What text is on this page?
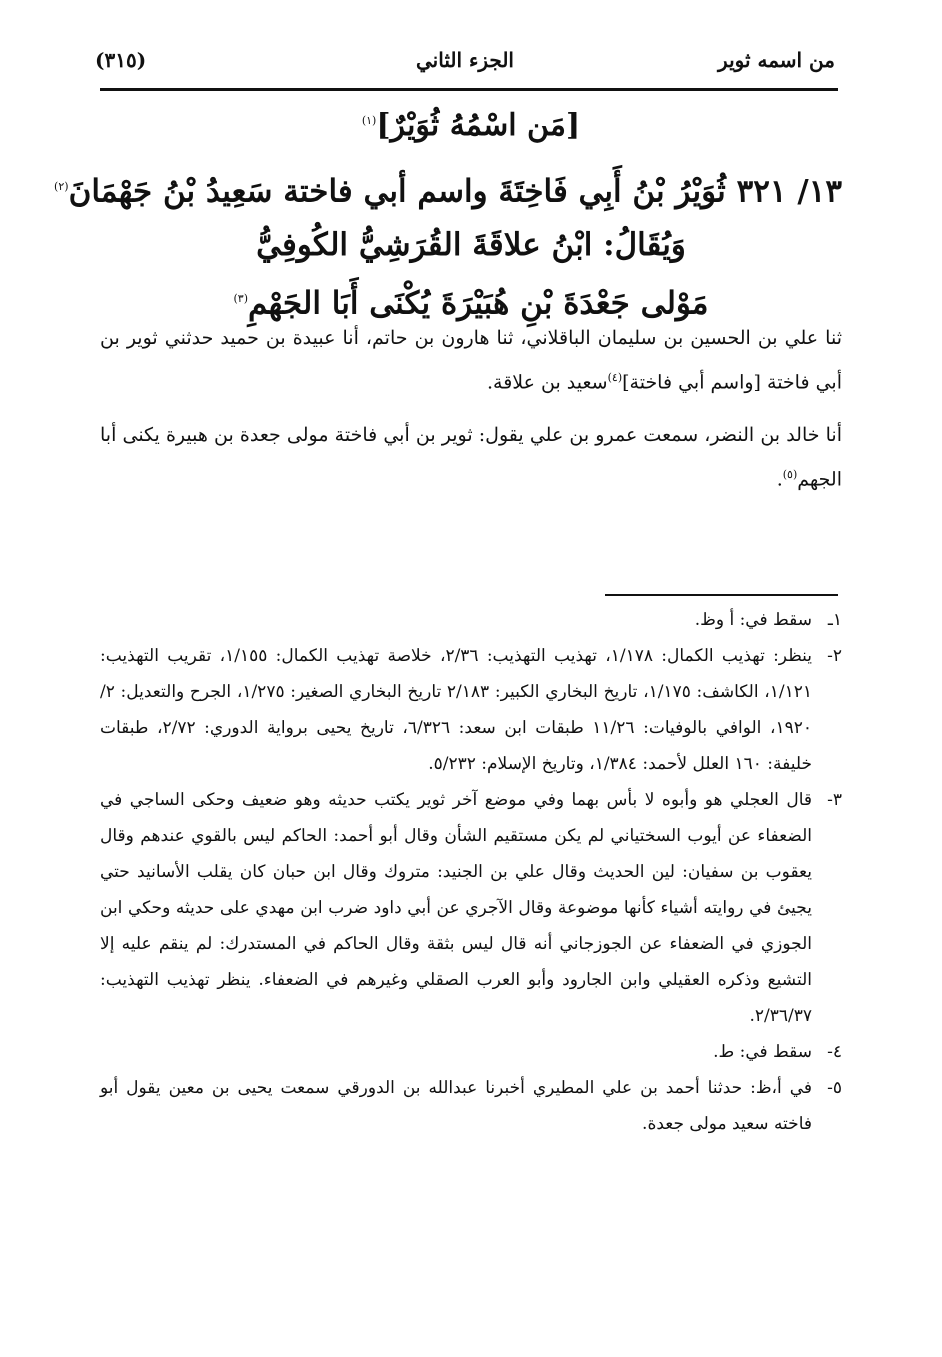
من اسمه ثوير
الجزء الثاني
(٣١٥)
[مَن اسْمُهُ ثُوَيْرٌ]$^{(١)}$
١٣/ ٣٢١ ثُوَيْرُ بْنُ أَبِي فَاخِتَةَ واسم أبي فاختة سَعِيدُ بْنُ جَهْمَانَ$^{(٢)}$
وَيُقَالُ: ابْنُ علاقَةَ القُرَشِيُّ الكُوفِيُّ
مَوْلى جَعْدَةَ بْنِ هُبَيْرَةَ يُكْنَى أَبَا الجَهْمِ$^{(٣)}$
ثنا علي بن الحسين بن سليمان الباقلاني، ثنا هارون بن حاتم، أنا عبيدة بن حميد حدثني ثوير بن أبي فاختة [واسم أبي فاختة]$^{(٤)}$سعيد بن علاقة.
أنا خالد بن النضر، سمعت عمرو بن علي يقول: ثوير بن أبي فاختة مولى جعدة بن هبيرة يكنى أبا الجهم$^{(٥)}$.
١ـ
سقط في: أ وظ.
٢-
ينظر: تهذيب الكمال: ١/١٧٨، تهذيب التهذيب: ٢/٣٦، خلاصة تهذيب الكمال: ١/١٥٥، تقريب التهذيب: ١/١٢١، الكاشف: ١/١٧٥، تاريخ البخاري الكبير: ٢/١٨٣ تاريخ البخاري الصغير: ١/٢٧٥، الجرح والتعديل: ٢/ ١٩٢٠، الوافي بالوفيات: ١١/٢٦ طبقات ابن سعد: ٦/٣٢٦، تاريخ يحيى برواية الدوري: ٢/٧٢، طبقات خليفة: ١٦٠ العلل لأحمد: ١/٣٨٤، وتاريخ الإسلام: ٥/٢٣٢.
٣-
قال العجلي هو وأبوه لا بأس بهما وفي موضع آخر ثوير يكتب حديثه وهو ضعيف وحكى الساجي في الضعفاء عن أيوب السختياني لم يكن مستقيم الشأن وقال أبو أحمد: الحاكم ليس بالقوي عندهم وقال يعقوب بن سفيان: لين الحديث وقال علي بن الجنيد: متروك وقال ابن حبان كان يقلب الأسانيد حتي يجيئ في روايته أشياء كأنها موضوعة وقال الآجري عن أبي داود ضرب ابن مهدي على حديثه وحكي ابن الجوزي في الضعفاء عن الجوزجاني أنه قال ليس بثقة وقال الحاكم في المستدرك: لم ينقم عليه إلا التشيع وذكره العقيلي وابن الجارود وأبو العرب الصقلي وغيرهم في الضعفاء. ينظر تهذيب التهذيب: ٢/٣٦/٣٧.
٤-
سقط في: ط.
٥-
في أ،ظ: حدثنا أحمد بن علي المطيري أخبرنا عبدالله بن الدورقي سمعت يحيى بن معين يقول أبو فاخته سعيد مولى جعدة.
